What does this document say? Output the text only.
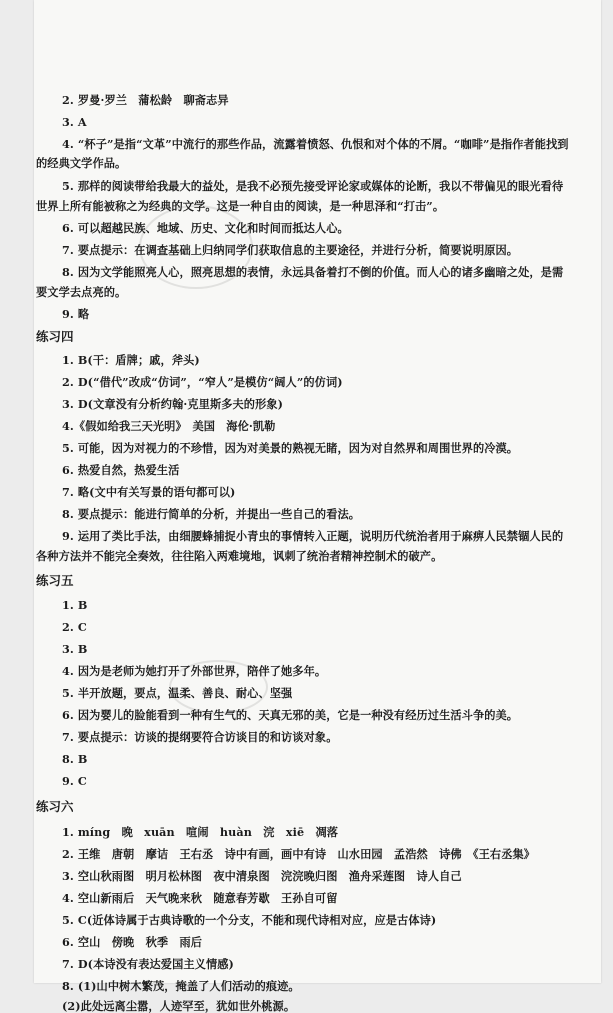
2. 罗曼·罗兰　蒲松龄　聊斋志异
3. A
4. “杯子”是指“文革”中流行的那些作品，流露着愤怒、仇恨和对个体的不屑。“咖啡”是指作者能找到
的经典文学作品。
5. 那样的阅读带给我最大的益处，是我不必预先接受评论家或媒体的论断，我以不带偏见的眼光看待
世界上所有能被称之为经典的文学。这是一种自由的阅读，是一种思泽和“打击”。
6. 可以超越民族、地域、历史、文化和时间而抵达人心。
7. 要点提示：在调查基础上归纳同学们获取信息的主要途径，并进行分析，简要说明原因。
8. 因为文学能照亮人心，照亮思想的表情，永远具备着打不倒的价值。而人心的诸多幽暗之处，是需
要文学去点亮的。
9. 略
练习四
1. B(干：盾牌；戚，斧头)
2. D(“借代”改成“仿词”，“窄人”是模仿“阔人”的仿词)
3. D(文章没有分析约翰·克里斯多夫的形象)
4.《假如给我三天光明》　美国　海伦·凯勒
5. 可能，因为对视力的不珍惜，因为对美景的熟视无睹，因为对自然界和周围世界的冷漠。
6. 热爱自然，热爱生活
7. 略(文中有关写景的语句都可以)
8. 要点提示：能进行简单的分析，并提出一些自己的看法。
9. 运用了类比手法，由细腰蜂捕捉小青虫的事情转入正题，说明历代统治者用于麻痹人民禁锢人民的
各种方法并不能完全奏效，往往陷入两难境地，讽刺了统治者精神控制术的破产。
练习五
1. B
2. C
3. B
4. 因为是老师为她打开了外部世界，陪伴了她多年。
5. 半开放题，要点，温柔、善良、耐心、坚强
6. 因为婴儿的脸能看到一种有生气的、天真无邪的美，它是一种没有经历过生活斗争的美。
7. 要点提示：访谈的提纲要符合访谈目的和访谈对象。
8. B
9. C
练习六
1. míng　晚　xuān　喧闹　huàn　浣　xiē　凋落
2. 王维　唐朝　摩诘　王右丞　诗中有画，画中有诗　山水田园　孟浩然　诗佛　《王右丞集》
3. 空山秋雨图　明月松林图　夜中清泉图　浣浣晚归图　渔舟采莲图　诗人自己
4. 空山新雨后　天气晚来秋　随意春芳歇　王孙自可留
5. C(近体诗属于古典诗歌的一个分支，不能和现代诗相对应，应是古体诗)
6. 空山　傍晚　秋季　雨后
7. D(本诗没有表达爱国主义情感)
8. (1)山中树木繁茂，掩盖了人们活动的痕迹。
(2)此处远离尘嚣，人迹罕至，犹如世外桃源。
